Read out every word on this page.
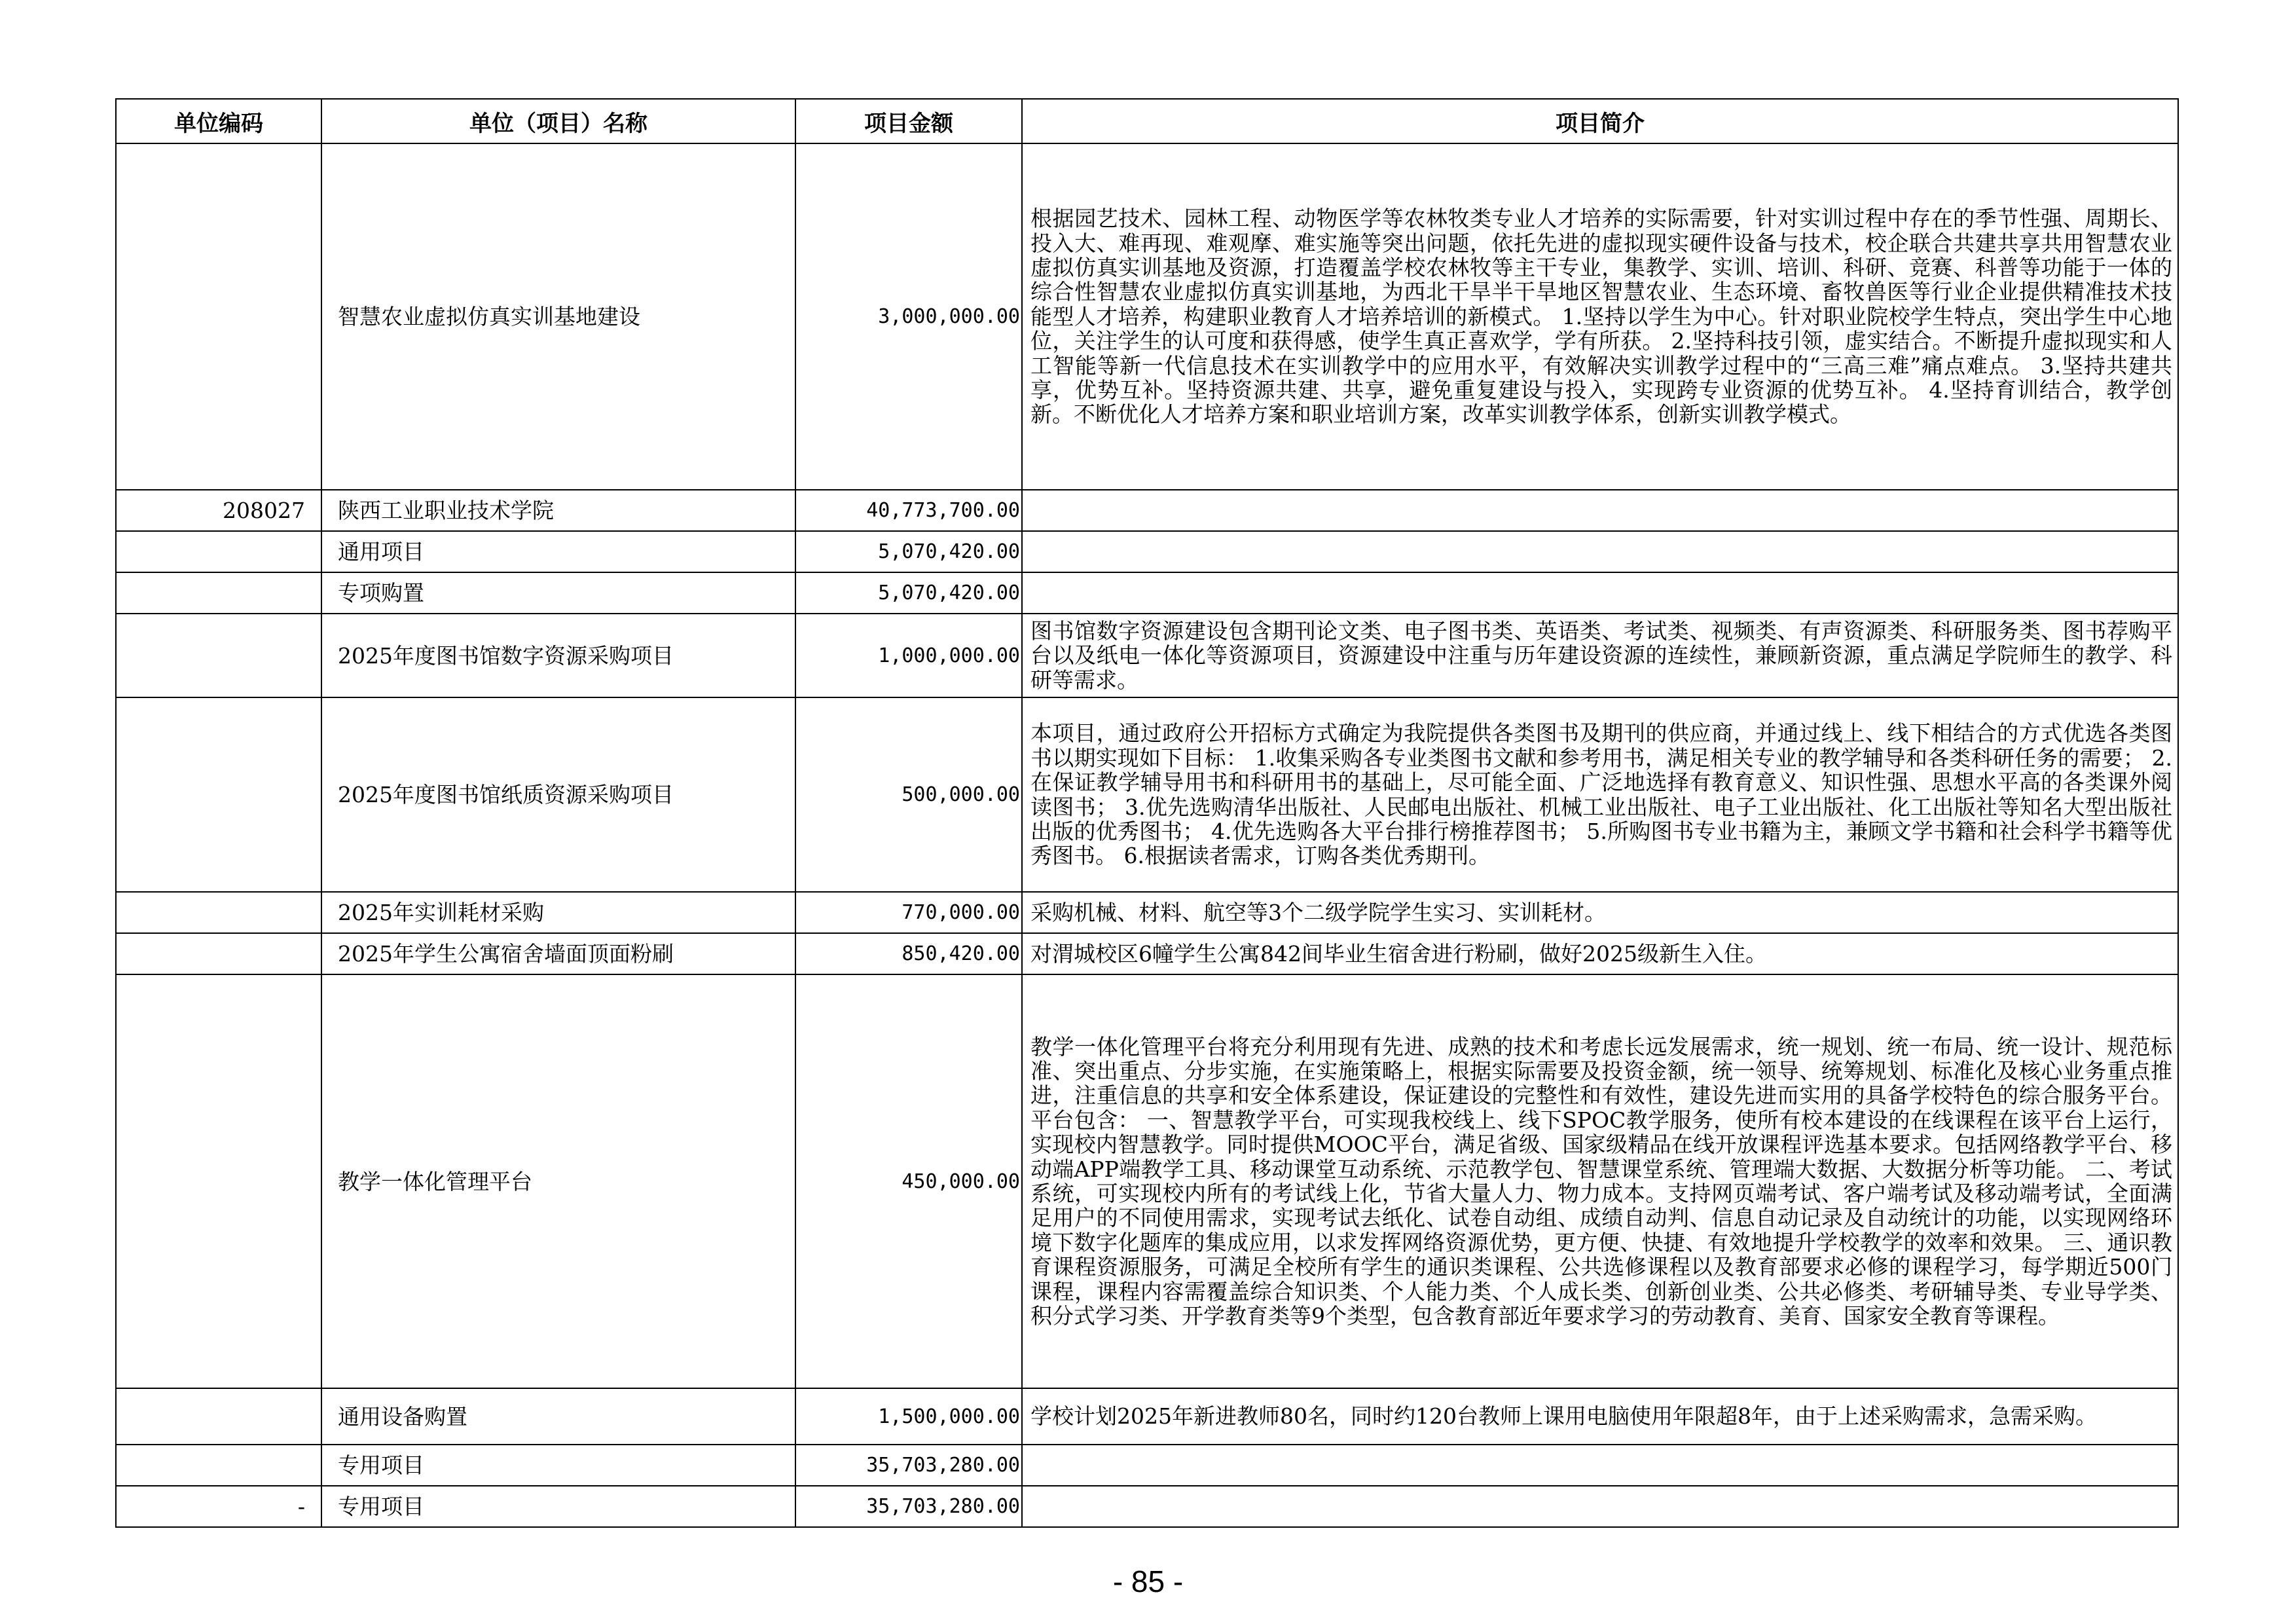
单位编码	单位（项目）名称	项目金额	项目简介
	智慧农业虚拟仿真实训基地建设	3,000,000.00	根据园艺技术、园林工程、动物医学等农林牧类专业人才培养的实际需要，针对实训过程中存在的季节性强、周期长、投入大、难再现、难观摩、难实施等突出问题，依托先进的虚拟现实硬件设备与技术，校企联合共建共享共用智慧农业虚拟仿真实训基地及资源，打造覆盖学校农林牧等主干专业，集教学、实训、培训、科研、竞赛、科普等功能于一体的综合性智慧农业虚拟仿真实训基地，为西北干旱半干旱地区智慧农业、生态环境、畜牧兽医等行业企业提供精准技术技能型人才培养，构建职业教育人才培养培训的新模式。 1.坚持以学生为中心。针对职业院校学生特点，突出学生中心地位，关注学生的认可度和获得感，使学生真正喜欢学，学有所获。 2.坚持科技引领，虚实结合。不断提升虚拟现实和人工智能等新一代信息技术在实训教学中的应用水平，有效解决实训教学过程中的“三高三难”痛点难点。 3.坚持共建共享，优势互补。坚持资源共建、共享，避免重复建设与投入，实现跨专业资源的优势互补。 4.坚持育训结合，教学创新。不断优化人才培养方案和职业培训方案，改革实训教学体系，创新实训教学模式。
208027	陕西工业职业技术学院	40,773,700.00	
	通用项目	5,070,420.00	
	专项购置	5,070,420.00	
	2025年度图书馆数字资源采购项目	1,000,000.00	图书馆数字资源建设包含期刊论文类、电子图书类、英语类、考试类、视频类、有声资源类、科研服务类、图书荐购平台以及纸电一体化等资源项目，资源建设中注重与历年建设资源的连续性，兼顾新资源，重点满足学院师生的教学、科研等需求。
	2025年度图书馆纸质资源采购项目	500,000.00	本项目，通过政府公开招标方式确定为我院提供各类图书及期刊的供应商，并通过线上、线下相结合的方式优选各类图书以期实现如下目标： 1.收集采购各专业类图书文献和参考用书，满足相关专业的教学辅导和各类科研任务的需要； 2.在保证教学辅导用书和科研用书的基础上，尽可能全面、广泛地选择有教育意义、知识性强、思想水平高的各类课外阅读图书； 3.优先选购清华出版社、人民邮电出版社、机械工业出版社、电子工业出版社、化工出版社等知名大型出版社出版的优秀图书； 4.优先选购各大平台排行榜推荐图书； 5.所购图书专业书籍为主，兼顾文学书籍和社会科学书籍等优秀图书。 6.根据读者需求，订购各类优秀期刊。
	2025年实训耗材采购	770,000.00	采购机械、材料、航空等3个二级学院学生实习、实训耗材。
	2025年学生公寓宿舍墙面顶面粉刷	850,420.00	对渭城校区6幢学生公寓842间毕业生宿舍进行粉刷，做好2025级新生入住。
	教学一体化管理平台	450,000.00	教学一体化管理平台将充分利用现有先进、成熟的技术和考虑长远发展需求，统一规划、统一布局、统一设计、规范标准、突出重点、分步实施，在实施策略上，根据实际需要及投资金额，统一领导、统筹规划、标准化及核心业务重点推进，注重信息的共享和安全体系建设，保证建设的完整性和有效性，建设先进而实用的具备学校特色的综合服务平台。平台包含： 一、智慧教学平台，可实现我校线上、线下SPOC教学服务，使所有校本建设的在线课程在该平台上运行，实现校内智慧教学。同时提供MOOC平台，满足省级、国家级精品在线开放课程评选基本要求。包括网络教学平台、移动端APP端教学工具、移动课堂互动系统、示范教学包、智慧课堂系统、管理端大数据、大数据分析等功能。 二、考试系统，可实现校内所有的考试线上化，节省大量人力、物力成本。支持网页端考试、客户端考试及移动端考试，全面满足用户的不同使用需求，实现考试去纸化、试卷自动组、成绩自动判、信息自动记录及自动统计的功能，以实现网络环境下数字化题库的集成应用，以求发挥网络资源优势，更方便、快捷、有效地提升学校教学的效率和效果。 三、通识教育课程资源服务，可满足全校所有学生的通识类课程、公共选修课程以及教育部要求必修的课程学习，每学期近500门课程，课程内容需覆盖综合知识类、个人能力类、个人成长类、创新创业类、公共必修类、考研辅导类、专业导学类、积分式学习类、开学教育类等9个类型，包含教育部近年要求学习的劳动教育、美育、国家安全教育等课程。
	通用设备购置	1,500,000.00	学校计划2025年新进教师80名，同时约120台教师上课用电脑使用年限超8年，由于上述采购需求，急需采购。
	专用项目	35,703,280.00	
-	专用项目	35,703,280.00	
- 85 -
